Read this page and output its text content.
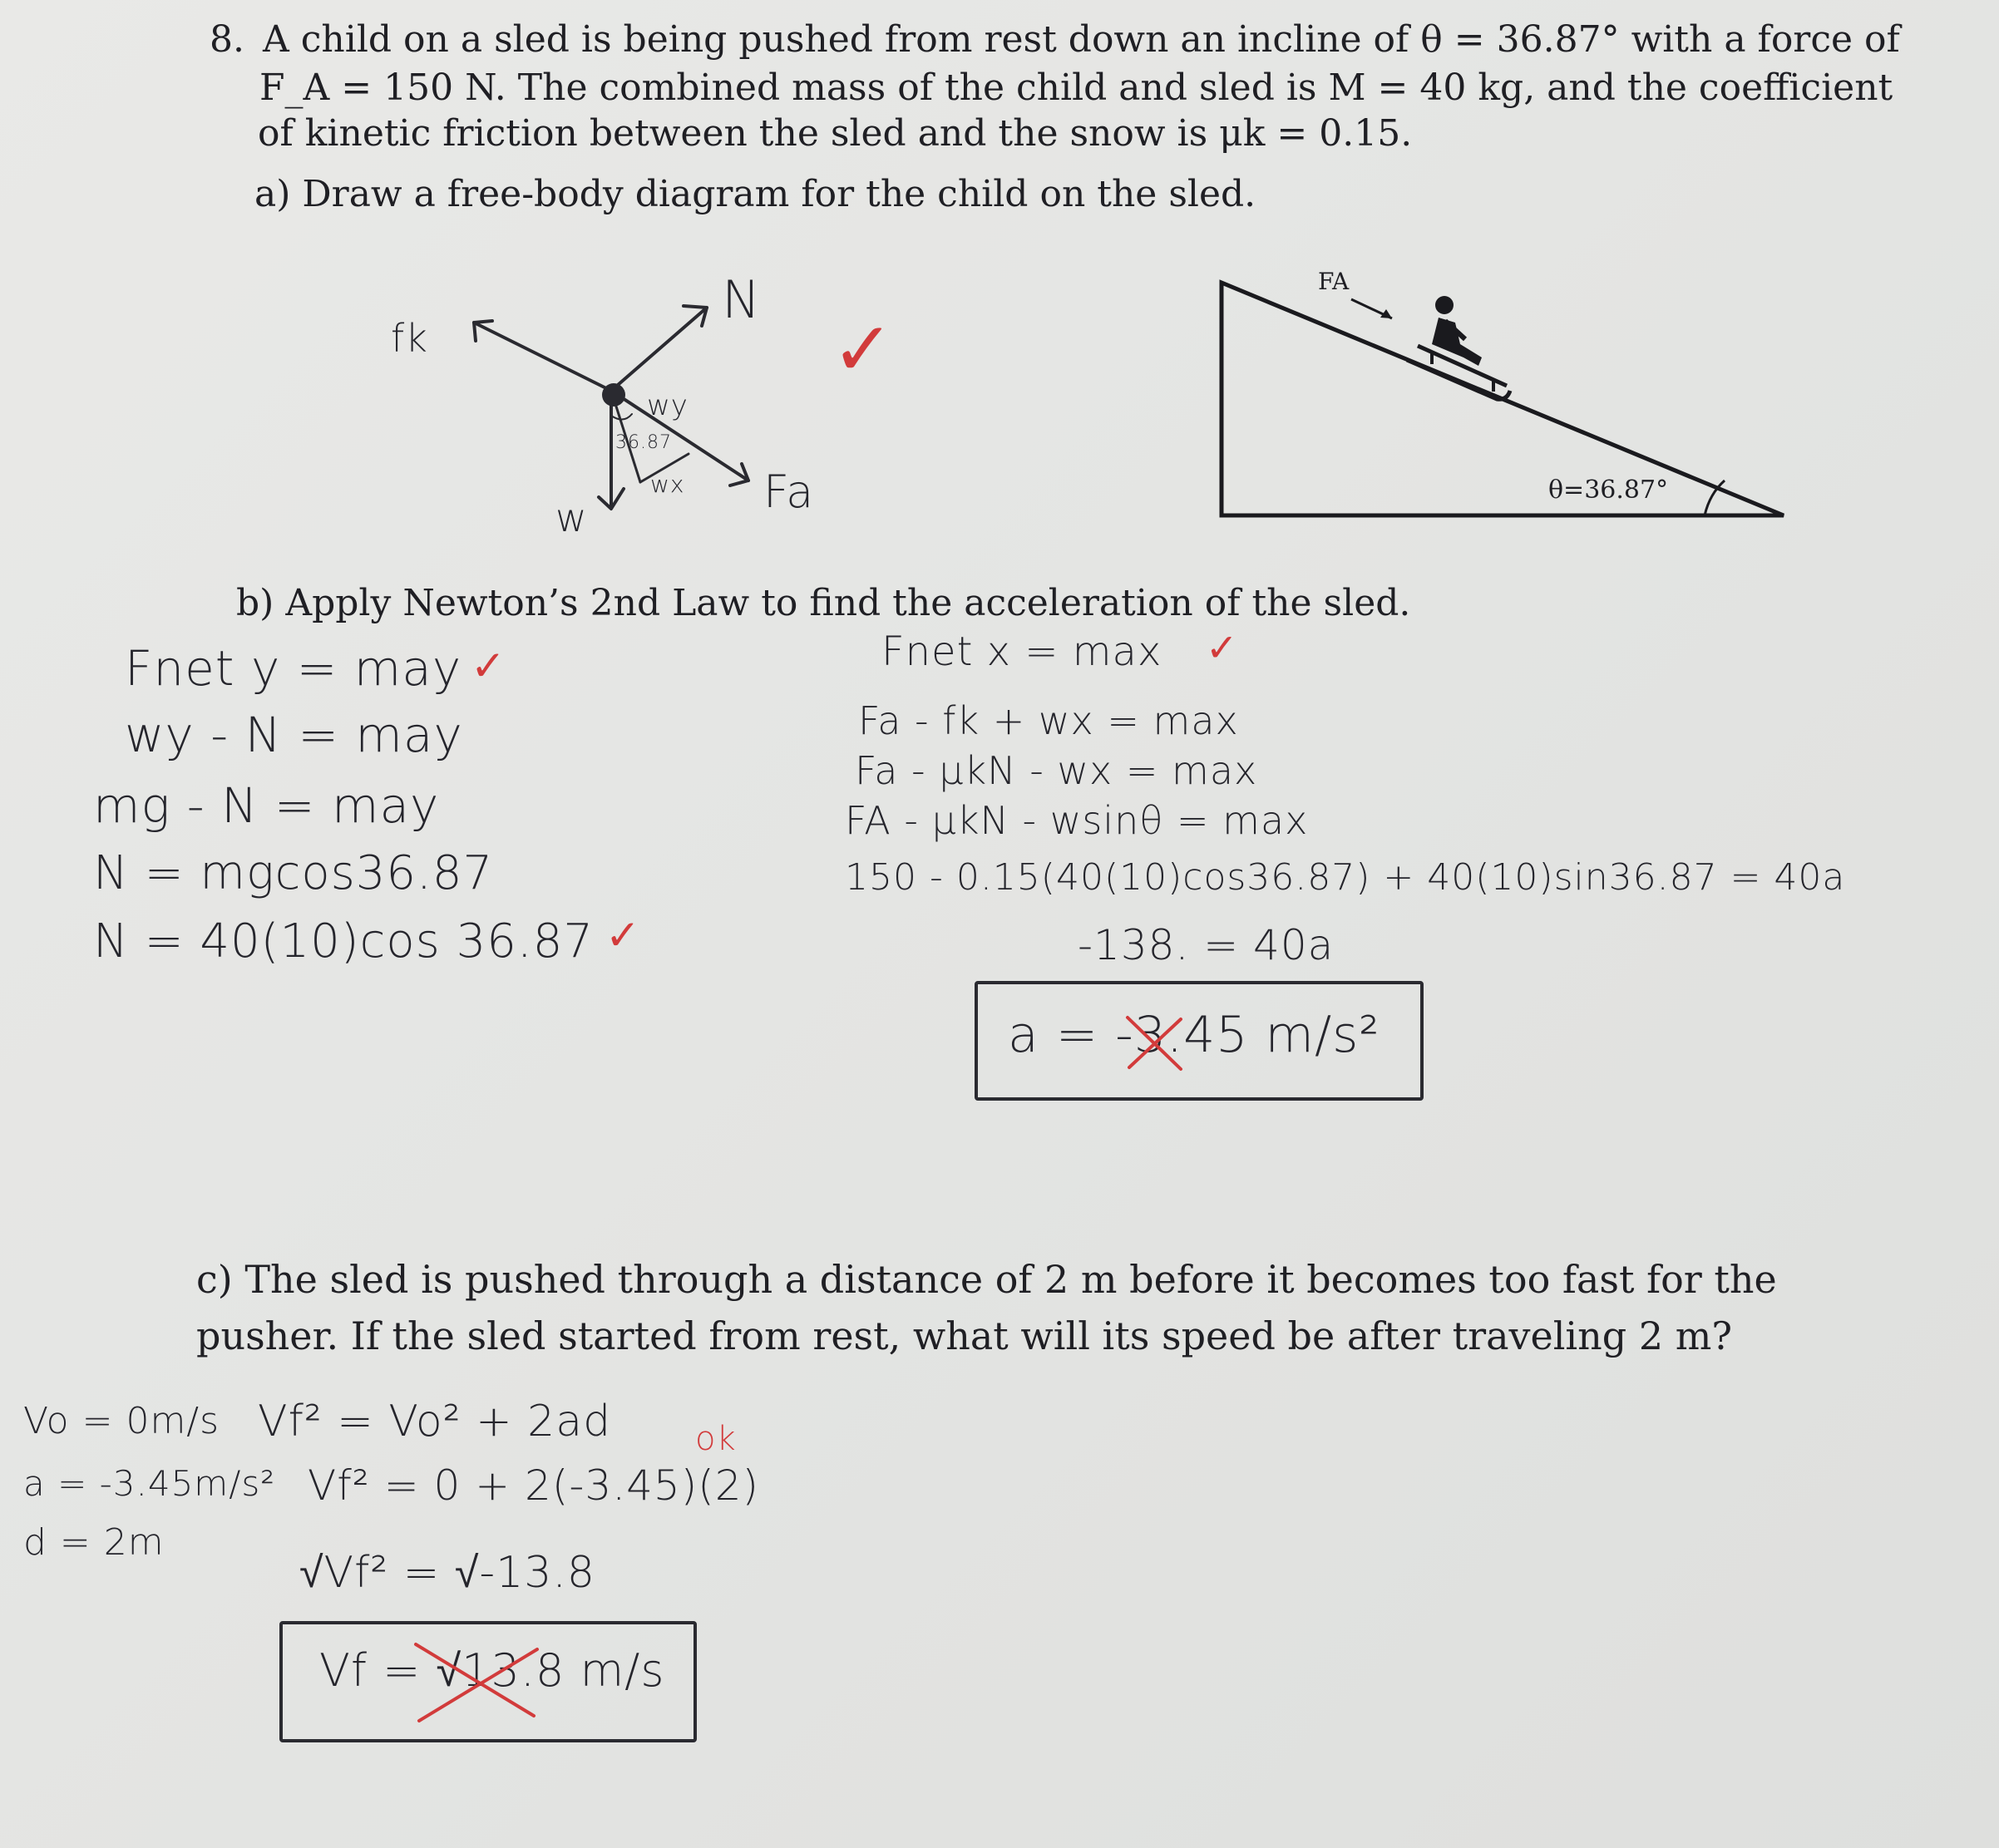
8. A child on a sled is being pushed from rest down an incline of θ = 36.87° with a force of
F_A = 150 N. The combined mass of the child and sled is M = 40 kg, and the coefficient
of kinetic friction between the sled and the snow is μk = 0.15.
a) Draw a free-body diagram for the child on the sled.
FA
θ=36.87°
fk
N
wy
36.87
wx Fa
w
✓
b) Apply Newton’s 2nd Law to find the acceleration of the sled.
Fnet y = may ✓
wy - N = may
mg - N = may
N = mgcos36.87
N = 40(10)cos 36.87 ✓
Fnet x = max ✓
Fa - fk + wx = max
Fa - μkN - wx = max
FA - μkN - wsinθ = max
150 - 0.15(40(10)cos36.87) + 40(10)sin36.87 = 40a
-138. = 40a
a = -3.45 m/s²
c) The sled is pushed through a distance of 2 m before it becomes too fast for the
pusher. If the sled started from rest, what will its speed be after traveling 2 m?
Vo = 0m/s
a = -3.45m/s²
d = 2m
Vf² = Vo² + 2ad
Vf² = 0 + 2(-3.45)(2)
ok
√Vf² = √-13.8
Vf = √13.8 m/s
